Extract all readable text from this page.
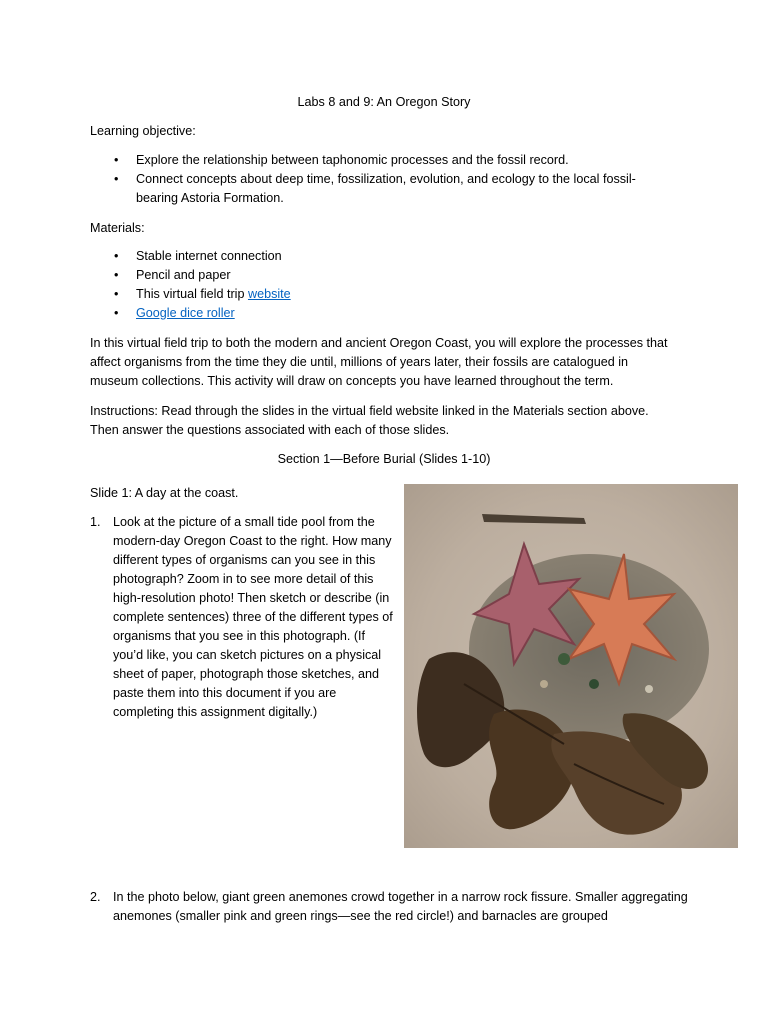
Labs 8 and 9: An Oregon Story
Learning objective:
• Explore the relationship between taphonomic processes and the fossil record.
• Connect concepts about deep time, fossilization, evolution, and ecology to the local fossil-bearing Astoria Formation.
Materials:
• Stable internet connection
• Pencil and paper
• This virtual field trip website
• Google dice roller

In this virtual field trip to both the modern and ancient Oregon Coast, you will explore the processes that affect organisms from the time they die until, millions of years later, their fossils are catalogued in museum collections. This activity will draw on concepts you have learned throughout the term.

Instructions: Read through the slides in the virtual field website linked in the Materials section above. Then answer the questions associated with each of those slides.

Section 1—Before Burial (Slides 1-10)
Slide 1: A day at the coast.
1. Look at the picture of a small tide pool from the modern-day Oregon Coast to the right. How many different types of organisms can you see in this photograph? Zoom in to see more detail of this high-resolution photo! Then sketch or describe (in complete sentences) three of the different types of organisms that you see in this photograph. (If you’d like, you can sketch pictures on a physical sheet of paper, photograph those sketches, and paste them into this document if you are completing this assignment digitally.)
2. In the photo below, giant green anemones crowd together in a narrow rock fissure. Smaller aggregating anemones (smaller pink and green rings—see the red circle!) and barnacles are grouped
